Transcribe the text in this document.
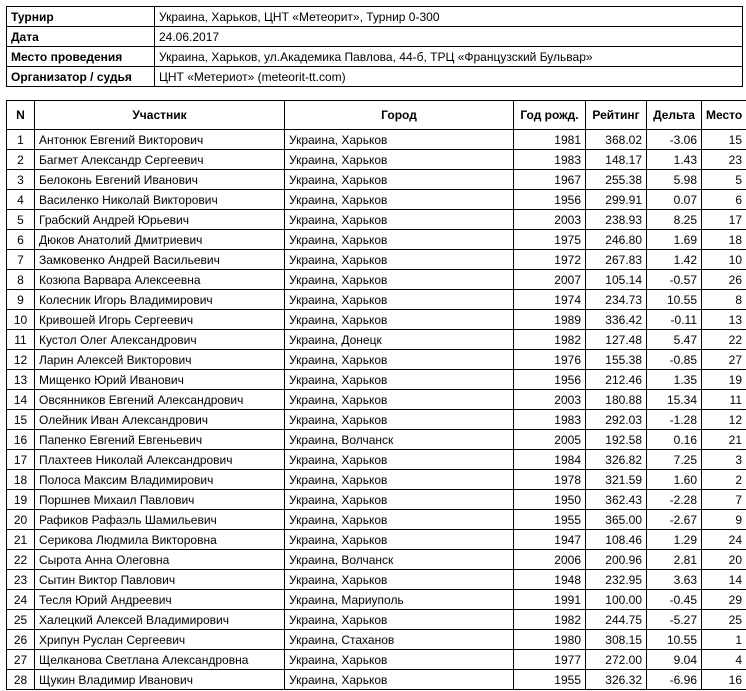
Турнир	Украина, Харьков, ЦНТ «Метеорит», Турнир 0-300
Дата	24.06.2017
Место проведения	Украина, Харьков, ул.Академика Павлова, 44-б, ТРЦ «Французский Бульвар»
Организатор / судья	ЦНТ «Метериот» (meteorit-tt.com)
N	Участник	Город	Год рожд.	Рейтинг	Дельта	Место
1	Антонюк Евгений Викторович	Украина, Харьков	1981	368.02	-3.06	15
2	Багмет Александр Сергеевич	Украина, Харьков	1983	148.17	1.43	23
3	Белоконь Евгений Иванович	Украина, Харьков	1967	255.38	5.98	5
4	Василенко Николай Викторович	Украина, Харьков	1956	299.91	0.07	6
5	Грабский Андрей Юрьевич	Украина, Харьков	2003	238.93	8.25	17
6	Дюков Анатолий Дмитриевич	Украина, Харьков	1975	246.80	1.69	18
7	Замковенко Андрей Васильевич	Украина, Харьков	1972	267.83	1.42	10
8	Козюпа Варвара Алексеевна	Украина, Харьков	2007	105.14	-0.57	26
9	Колесник Игорь Владимирович	Украина, Харьков	1974	234.73	10.55	8
10	Кривошей Игорь Сергеевич	Украина, Харьков	1989	336.42	-0.11	13
11	Кустол Олег Александрович	Украина, Донецк	1982	127.48	5.47	22
12	Ларин Алексей Викторович	Украина, Харьков	1976	155.38	-0.85	27
13	Мищенко Юрий Иванович	Украина, Харьков	1956	212.46	1.35	19
14	Овсянников Евгений Александрович	Украина, Харьков	2003	180.88	15.34	11
15	Олейник Иван Александрович	Украина, Харьков	1983	292.03	-1.28	12
16	Папенко Евгений Евгеньевич	Украина, Волчанск	2005	192.58	0.16	21
17	Плахтеев Николай Александрович	Украина, Харьков	1984	326.82	7.25	3
18	Полоса Максим Владимирович	Украина, Харьков	1978	321.59	1.60	2
19	Поршнев Михаил Павлович	Украина, Харьков	1950	362.43	-2.28	7
20	Рафиков Рафаэль Шамильевич	Украина, Харьков	1955	365.00	-2.67	9
21	Серикова Людмила Викторовна	Украина, Харьков	1947	108.46	1.29	24
22	Сырота Анна Олеговна	Украина, Волчанск	2006	200.96	2.81	20
23	Сытин Виктор Павлович	Украина, Харьков	1948	232.95	3.63	14
24	Тесля Юрий Андреевич	Украина, Мариуполь	1991	100.00	-0.45	29
25	Халецкий Алексей Владимирович	Украина, Харьков	1982	244.75	-5.27	25
26	Хрипун Руслан Сергеевич	Украина, Стаханов	1980	308.15	10.55	1
27	Щелканова Светлана Александровна	Украина, Харьков	1977	272.00	9.04	4
28	Щукин Владимир Иванович	Украина, Харьков	1955	326.32	-6.96	16
